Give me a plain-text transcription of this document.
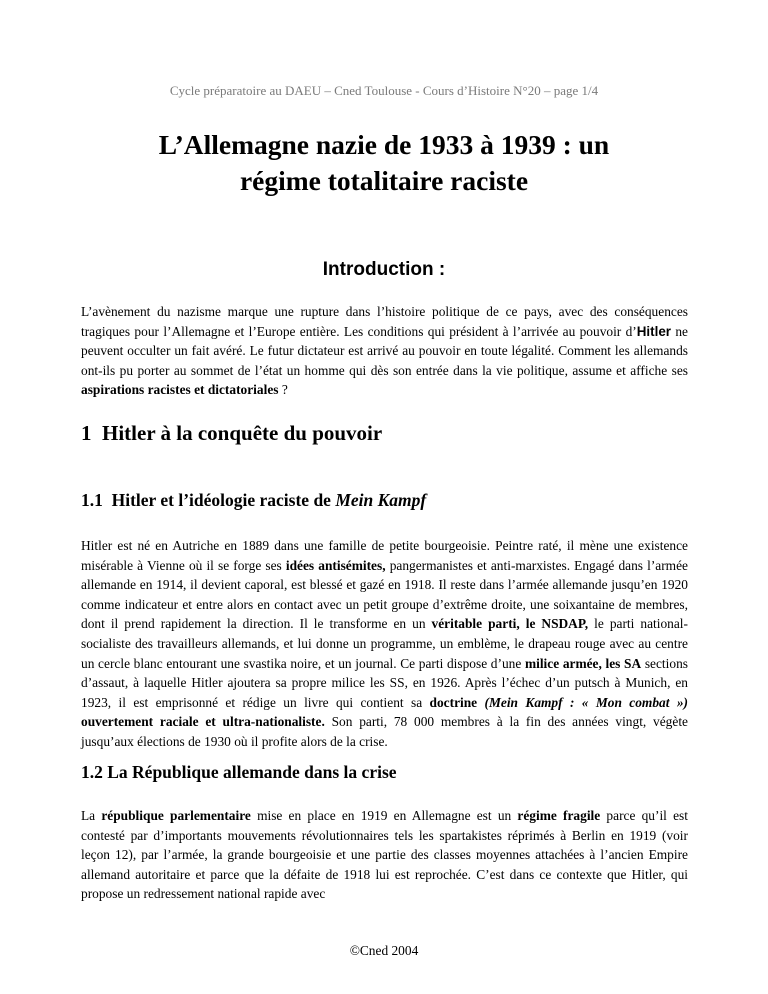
Cycle préparatoire au DAEU – Cned Toulouse - Cours d’Histoire N°20 – page 1/4
L’Allemagne nazie de 1933 à 1939 : un
régime totalitaire raciste
Introduction :

L’avènement du nazisme marque une rupture dans l’histoire politique de ce pays, avec des conséquences tragiques pour l’Allemagne et l’Europe entière. Les conditions qui président à l’arrivée au pouvoir d’Hitler ne peuvent occulter un fait avéré. Le futur dictateur est arrivé au pouvoir en toute légalité. Comment les allemands ont-ils pu porter au sommet de l’état un homme qui dès son entrée dans la vie politique, assume et affiche ses aspirations racistes et dictatoriales ?

1 Hitler à la conquête du pouvoir
1.1 Hitler et l’idéologie raciste de Mein Kampf

Hitler est né en Autriche en 1889 dans une famille de petite bourgeoisie. Peintre raté, il mène une existence misérable à Vienne où il se forge ses idées antisémites, pangermanistes et anti-marxistes. Engagé dans l’armée allemande en 1914, il devient caporal, est blessé et gazé en 1918. Il reste dans l’armée allemande jusqu’en 1920 comme indicateur et entre alors en contact avec un petit groupe d’extrême droite, une soixantaine de membres, dont il prend rapidement la direction. Il le transforme en un véritable parti, le NSDAP, le parti national-socialiste des travailleurs allemands, et lui donne un programme, un emblème, le drapeau rouge avec au centre un cercle blanc entourant une svastika noire, et un journal. Ce parti dispose d’une milice armée, les SA sections d’assaut, à laquelle Hitler ajoutera sa propre milice les SS, en 1926. Après l’échec d’un putsch à Munich, en 1923, il est emprisonné et rédige un livre qui contient sa doctrine (Mein Kampf : « Mon combat ») ouvertement raciale et ultra-nationaliste. Son parti, 78 000 membres à la fin des années vingt, végète jusqu’aux élections de 1930 où il profite alors de la crise.

1.2 La République allemande dans la crise

La république parlementaire mise en place en 1919 en Allemagne est un régime fragile parce qu’il est contesté par d’importants mouvements révolutionnaires tels les spartakistes réprimés à Berlin en 1919 (voir leçon 12), par l’armée, la grande bourgeoisie et une partie des classes moyennes attachées à l’ancien Empire allemand autoritaire et parce que la défaite de 1918 lui est reprochée. C’est dans ce contexte que Hitler, qui propose un redressement national rapide avec

©Cned 2004
